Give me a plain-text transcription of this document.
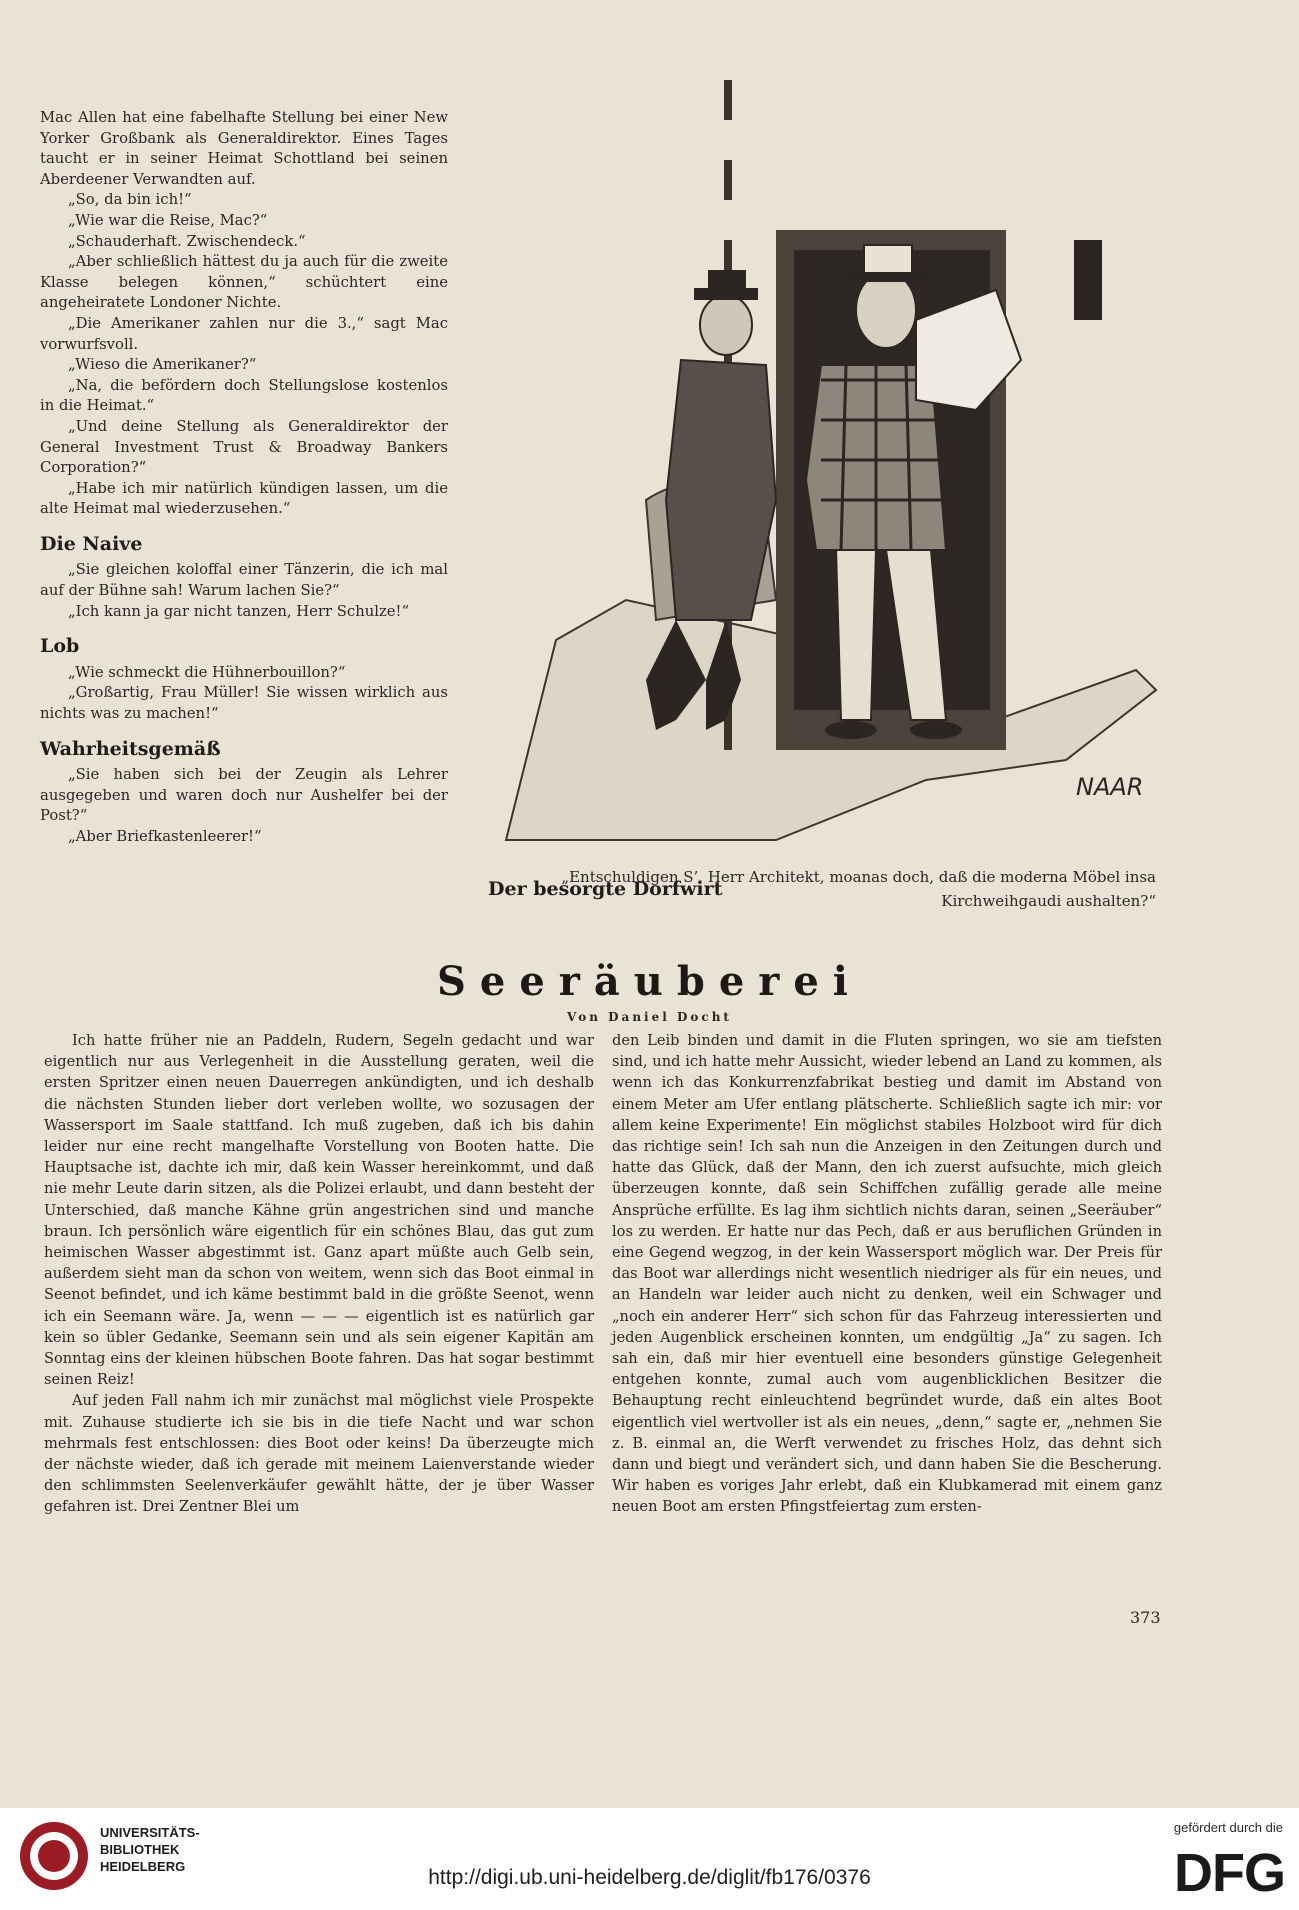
Mac Allen hat eine fabelhafte Stellung bei einer New Yorker Großbank als Generaldirektor. Eines Tages taucht er in seiner Heimat Schottland bei seinen Aberdeener Verwandten auf.

„So, da bin ich!“

„Wie war die Reise, Mac?“

„Schauderhaft. Zwischendeck.“

„Aber schließlich hättest du ja auch für die zweite Klasse belegen können,“ schüchtert eine angeheiratete Londoner Nichte.

„Die Amerikaner zahlen nur die 3.,“ sagt Mac vorwurfsvoll.

„Wieso die Amerikaner?“

„Na, die befördern doch Stellungslose kostenlos in die Heimat.“

„Und deine Stellung als Generaldirektor der General Investment Trust & Broadway Bankers Corporation?“

„Habe ich mir natürlich kündigen lassen, um die alte Heimat mal wiederzusehen.“

Die Naive

„Sie gleichen koloffal einer Tänzerin, die ich mal auf der Bühne sah! Warum lachen Sie?“

„Ich kann ja gar nicht tanzen, Herr Schulze!“

Lob

„Wie schmeckt die Hühnerbouillon?“

„Großartig, Frau Müller! Sie wissen wirklich aus nichts was zu machen!“

Wahrheitsgemäß

„Sie haben sich bei der Zeugin als Lehrer ausgegeben und waren doch nur Aushelfer bei der Post?“

„Aber Briefkastenleerer!“

NAAR
„Entschuldigen S’, Herr Architekt, moanas doch, daß die moderna Möbel insa Kirchweihgaudi aushalten?“
Der besorgte Dorfwirt
Seeräuberei
Von Daniel Docht

Ich hatte früher nie an Paddeln, Rudern, Segeln gedacht und war eigentlich nur aus Verlegenheit in die Ausstellung geraten, weil die ersten Spritzer einen neuen Dauerregen ankündigten, und ich deshalb die nächsten Stunden lieber dort verleben wollte, wo sozusagen der Wassersport im Saale stattfand. Ich muß zugeben, daß ich bis dahin leider nur eine recht mangelhafte Vorstellung von Booten hatte. Die Hauptsache ist, dachte ich mir, daß kein Wasser hereinkommt, und daß nie mehr Leute darin sitzen, als die Polizei erlaubt, und dann besteht der Unterschied, daß manche Kähne grün angestrichen sind und manche braun. Ich persönlich wäre eigentlich für ein schönes Blau, das gut zum heimischen Wasser abgestimmt ist. Ganz apart müßte auch Gelb sein, außerdem sieht man da schon von weitem, wenn sich das Boot einmal in Seenot befindet, und ich käme bestimmt bald in die größte Seenot, wenn ich ein Seemann wäre. Ja, wenn — — — eigentlich ist es natürlich gar kein so übler Gedanke, Seemann sein und als sein eigener Kapitän am Sonntag eins der kleinen hübschen Boote fahren. Das hat sogar bestimmt seinen Reiz!

Auf jeden Fall nahm ich mir zunächst mal möglichst viele Prospekte mit. Zuhause studierte ich sie bis in die tiefe Nacht und war schon mehrmals fest entschlossen: dies Boot oder keins! Da überzeugte mich der nächste wieder, daß ich gerade mit meinem Laienverstande wieder den schlimmsten Seelenverkäufer gewählt hätte, der je über Wasser gefahren ist. Drei Zentner Blei um

den Leib binden und damit in die Fluten springen, wo sie am tiefsten sind, und ich hatte mehr Aussicht, wieder lebend an Land zu kommen, als wenn ich das Konkurrenzfabrikat bestieg und damit im Abstand von einem Meter am Ufer entlang plätscherte. Schließlich sagte ich mir: vor allem keine Experimente! Ein möglichst stabiles Holzboot wird für dich das richtige sein! Ich sah nun die Anzeigen in den Zeitungen durch und hatte das Glück, daß der Mann, den ich zuerst aufsuchte, mich gleich überzeugen konnte, daß sein Schiffchen zufällig gerade alle meine Ansprüche erfüllte. Es lag ihm sichtlich nichts daran, seinen „Seeräuber“ los zu werden. Er hatte nur das Pech, daß er aus beruflichen Gründen in eine Gegend wegzog, in der kein Wassersport möglich war. Der Preis für das Boot war allerdings nicht wesentlich niedriger als für ein neues, und an Handeln war leider auch nicht zu denken, weil ein Schwager und „noch ein anderer Herr“ sich schon für das Fahrzeug interessierten und jeden Augenblick erscheinen konnten, um endgültig „Ja“ zu sagen. Ich sah ein, daß mir hier eventuell eine besonders günstige Gelegenheit entgehen konnte, zumal auch vom augenblicklichen Besitzer die Behauptung recht einleuchtend begründet wurde, daß ein altes Boot eigentlich viel wertvoller ist als ein neues, „denn,“ sagte er, „nehmen Sie z. B. einmal an, die Werft verwendet zu frisches Holz, das dehnt sich dann und biegt und verändert sich, und dann haben Sie die Bescherung. Wir haben es voriges Jahr erlebt, daß ein Klubkamerad mit einem ganz neuen Boot am ersten Pfingstfeiertag zum ersten-

373
UNIVERSITÄTS-
BIBLIOTHEK
HEIDELBERG	http://digi.ub.uni-heidelberg.de/diglit/fb176/0376
gefördert durch die
DFG
